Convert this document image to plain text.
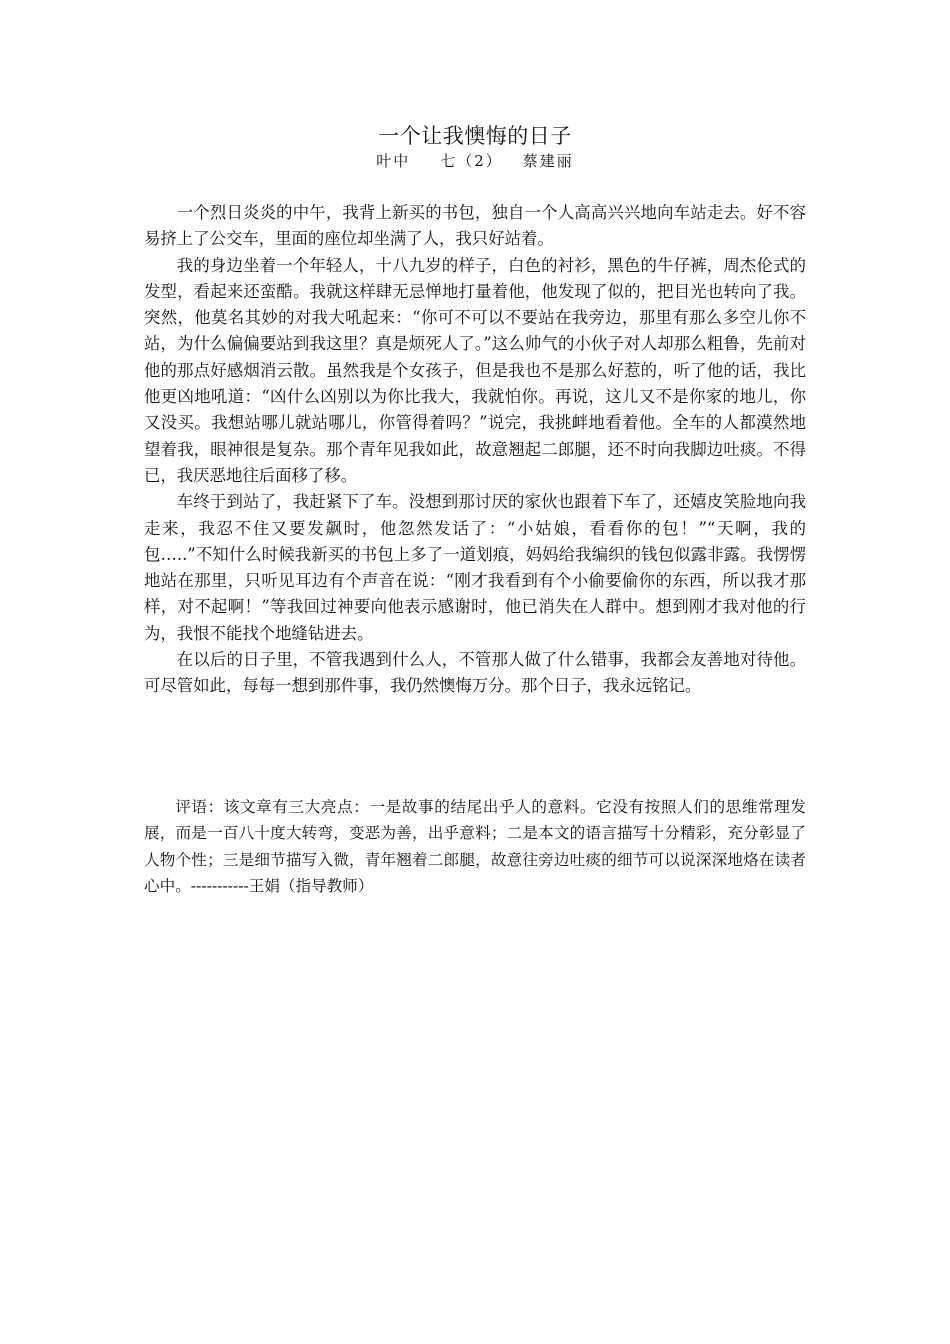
一个让我懊悔的日子
叶中 七（2） 蔡建丽

一个烈日炎炎的中午，我背上新买的书包，独自一个人高高兴兴地向车站走去。好不容易挤上了公交车，里面的座位却坐满了人，我只好站着。

我的身边坐着一个年轻人，十八九岁的样子，白色的衬衫，黑色的牛仔裤，周杰伦式的发型，看起来还蛮酷。我就这样肆无忌惮地打量着他，他发现了似的，把目光也转向了我。突然，他莫名其妙的对我大吼起来：“你可不可以不要站在我旁边，那里有那么多空儿你不站，为什么偏偏要站到我这里？真是烦死人了。”这么帅气的小伙子对人却那么粗鲁，先前对他的那点好感烟消云散。虽然我是个女孩子，但是我也不是那么好惹的，听了他的话，我比他更凶地吼道：“凶什么凶别以为你比我大，我就怕你。再说，这儿又不是你家的地儿，你又没买。我想站哪儿就站哪儿，你管得着吗？”说完，我挑衅地看着他。全车的人都漠然地望着我，眼神很是复杂。那个青年见我如此，故意翘起二郎腿，还不时向我脚边吐痰。不得已，我厌恶地往后面移了移。

车终于到站了，我赶紧下了车。没想到那讨厌的家伙也跟着下车了，还嬉皮笑脸地向我走来，我忍不住又要发飙时，他忽然发话了：“小姑娘，看看你的包！”“天啊，我的包…..”不知什么时候我新买的书包上多了一道划痕，妈妈给我编织的钱包似露非露。我愣愣地站在那里，只听见耳边有个声音在说：“刚才我看到有个小偷要偷你的东西，所以我才那样，对不起啊！”等我回过神要向他表示感谢时，他已消失在人群中。想到刚才我对他的行为，我恨不能找个地缝钻进去。

在以后的日子里，不管我遇到什么人，不管那人做了什么错事，我都会友善地对待他。可尽管如此，每每一想到那件事，我仍然懊悔万分。那个日子，我永远铭记。

评语：该文章有三大亮点：一是故事的结尾出乎人的意料。它没有按照人们的思维常理发展，而是一百八十度大转弯，变恶为善，出乎意料；二是本文的语言描写十分精彩，充分彰显了人物个性；三是细节描写入微，青年翘着二郎腿，故意往旁边吐痰的细节可以说深深地烙在读者心中。-----------王娟（指导教师）
